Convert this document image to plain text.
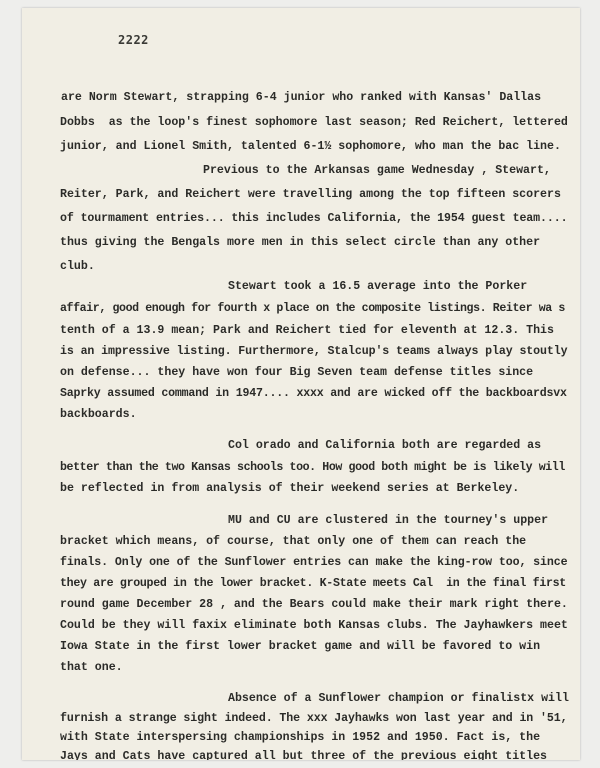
2222
are Norm Stewart, strapping 6-4 junior who ranked with Kansas' Dallas
Dobbs  as the loop's finest sophomore last season; Red Reichert, lettered
junior, and Lionel Smith, talented 6-1½ sophomore, who man the bac line.
Previous to the Arkansas game Wednesday , Stewart,
Reiter, Park, and Reichert were travelling among the top fifteen scorers
of tourmament entries... this includes California, the 1954 guest team....
thus giving the Bengals more men in this select circle than any other
club.
Stewart took a 16.5 average into the Porker
affair, good enough for fourth x place on the composite listings. Reiter wa s
tenth of a 13.9 mean; Park and Reichert tied for eleventh at 12.3. This
is an impressive listing. Furthermore, Stalcup's teams always play stoutly
on defense... they have won four Big Seven team defense titles since
Saprky assumed command in 1947.... xxxx and are wicked off the backboardsvx
backboards.
Col orado and California both are regarded as
better than the two Kansas schools too. How good both might be is likely will
be reflected in from analysis of their weekend series at Berkeley.
MU and CU are clustered in the tourney's upper
bracket which means, of course, that only one of them can reach the
finals. Only one of the Sunflower entries can make the king-row too, since
they are grouped in the lower bracket. K-State meets Cal  in the final first
round game December 28 , and the Bears could make their mark right there.
Could be they will faxix eliminate both Kansas clubs. The Jayhawkers meet
Iowa State in the first lower bracket game and will be favored to win
that one.
Absence of a Sunflower champion or finalistx will
furnish a strange sight indeed. The xxx Jayhawks won last year and in '51,
with State interspersing championships in 1952 and 1950. Fact is, the
Jays and Cats have captured all but three of the previous eight titles
